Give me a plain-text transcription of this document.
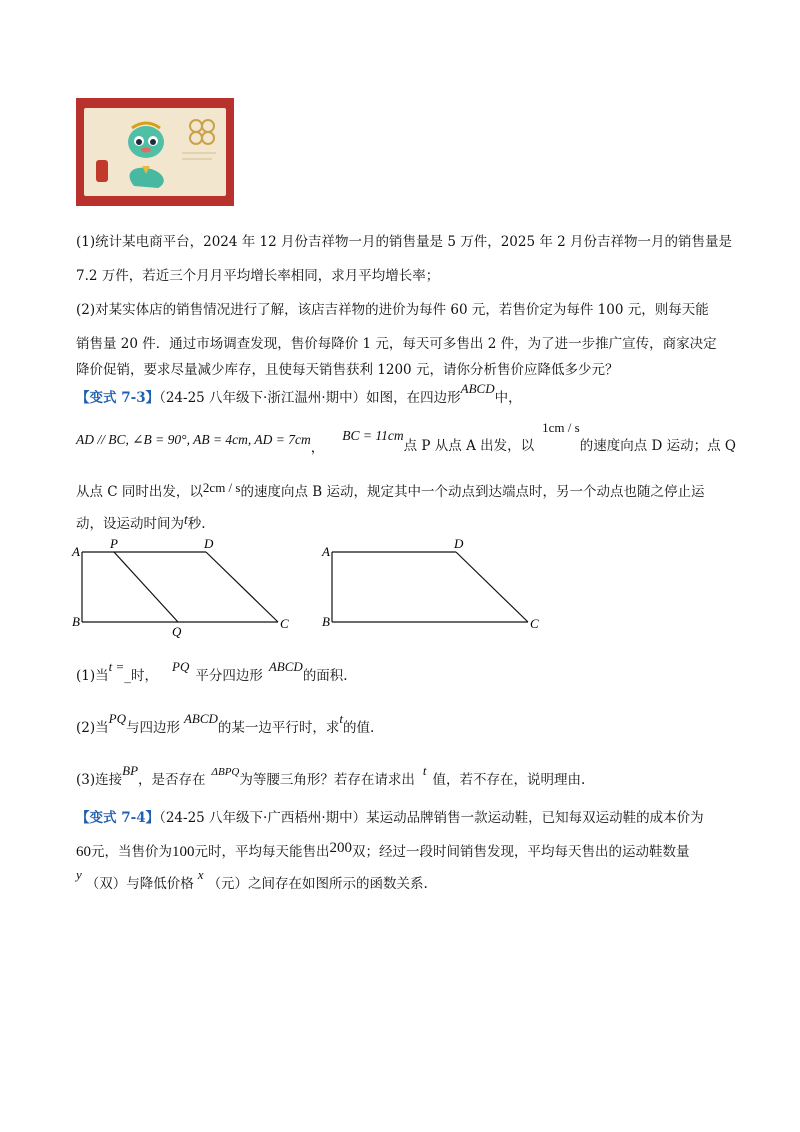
(1)统计某电商平台，2024 年 12 月份吉祥物一月的销售量是 5 万件，2025 年 2 月份吉祥物一月的销售量是
7.2 万件，若近三个月月平均增长率相同，求月平均增长率；
(2)对某实体店的销售情况进行了解，该店吉祥物的进价为每件 60 元，若售价定为每件 100 元，则每天能
销售量 20 件．通过市场调查发现，售价每降价 1 元，每天可多售出 2 件，为了进一步推广宣传，商家决定
降价促销，要求尽量减少库存，且使每天销售获利 1200 元，请你分析售价应降低多少元？
【变式 7-3】（24-25 八年级下·浙江温州·期中）如图，在四边形ABCD中，
AD // BC, ∠B = 90°, AB = 4cm, AD = 7cm，BC = 11cm点 P 从点 A 出发，以1cm / s的速度向点 D 运动；点 Q
从点 C 同时出发，以2cm / s的速度向点 B 运动，规定其中一个动点到达端点时，另一个动点也随之停止运
动，设运动时间为t秒.
A
B	C
D
P
Q
A
B	C
D
(1)当t =_时，PQ平分四边形ABCD的面积.
(2)当PQ与四边形ABCD的某一边平行时，求t的值.
(3)连接BP，是否存在 $^{\Delta BPQ}$为等腰三角形？若存在请求出t值，若不存在，说明理由.
【变式 7-4】（24-25 八年级下·广西梧州·期中）某运动品牌销售一款运动鞋，已知每双运动鞋的成本价为
60元，当售价为100元时，平均每天能售出200双；经过一段时间销售发现，平均每天售出的运动鞋数量
y（双）与降低价格x（元）之间存在如图所示的函数关系.
